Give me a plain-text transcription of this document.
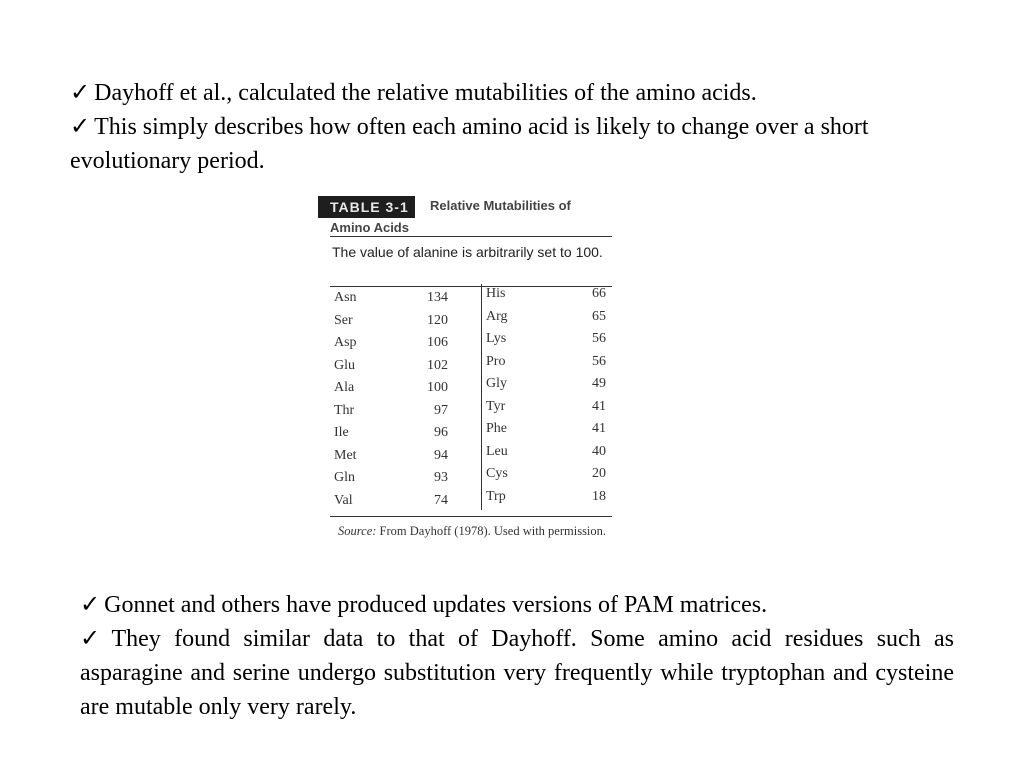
✓ Dayhoff et al., calculated the relative mutabilities of the amino acids.

✓ This simply describes how often each amino acid is likely to change over a short evolutionary period.

TABLE 3-1	Relative Mutabilities of
Amino Acids
The value of alanine is arbitrarily set to 100.
Asn	134
Ser	120
Asp	106
Glu	102
Ala	100
Thr	97
Ile	96
Met	94
Gln	93
Val	74
His	66
Arg	65
Lys	56
Pro	56
Gly	49
Tyr	41
Phe	41
Leu	40
Cys	20
Trp	18
Source: From Dayhoff (1978). Used with permission.

✓ Gonnet and others have produced updates versions of PAM matrices.

✓ They found similar data to that of Dayhoff. Some amino acid residues such as asparagine and serine undergo substitution very frequently while tryptophan and cysteine are mutable only very rarely.
